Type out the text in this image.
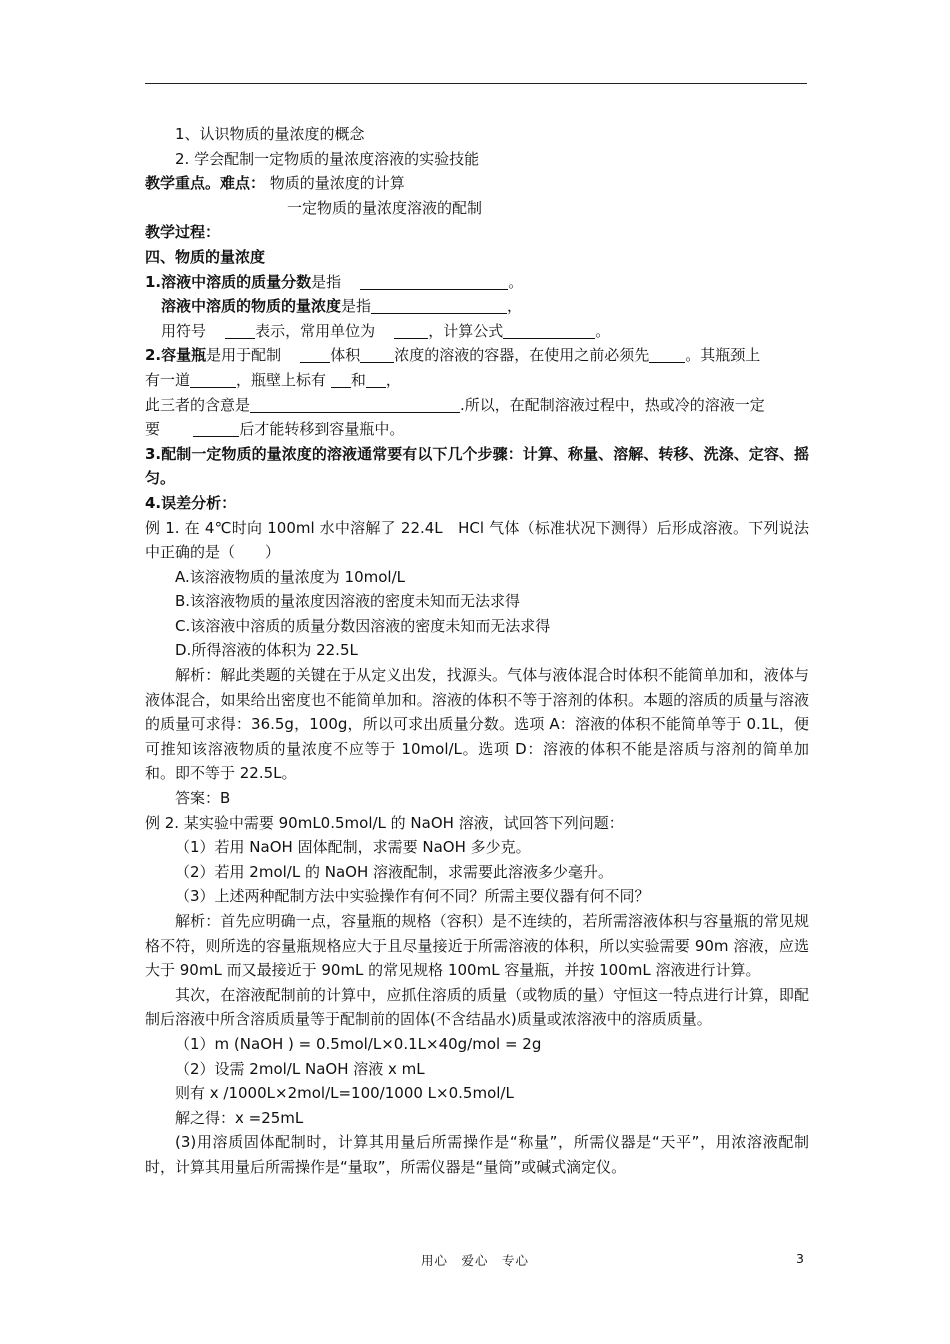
1、认识物质的量浓度的概念

2. 学会配制一定物质的量浓度溶液的实验技能

教学重点。难点： 物质的量浓度的计算

一定物质的量浓度溶液的配制

教学过程：

四、物质的量浓度

1.溶液中溶质的质量分数是指	。

溶液中溶质的物质的量浓度是指	，

用符号	表示，常用单位为	，计算公式	。

2.容量瓶是用于配制	体积 浓度的溶液的容器，在使用之前必须先 。其瓶颈上

有一道	，瓶壁上标有 和 ，

此三者的含意是	.所以，在配制溶液过程中，热或冷的溶液一定

要	后才能转移到容量瓶中。

3.配制一定物质的量浓度的溶液通常要有以下几个步骤：计算、称量、溶解、转移、洗涤、定容、摇匀。

4.误差分析：

例 1. 在 4℃时向 100ml 水中溶解了 22.4L　HCl 气体（标准状况下测得）后形成溶液。下列说法中正确的是（　　）

A.该溶液物质的量浓度为 10mol/L

B.该溶液物质的量浓度因溶液的密度未知而无法求得

C.该溶液中溶质的质量分数因溶液的密度未知而无法求得

D.所得溶液的体积为 22.5L

解析：解此类题的关键在于从定义出发，找源头。气体与液体混合时体积不能简单加和，液体与液体混合，如果给出密度也不能简单加和。溶液的体积不等于溶剂的体积。本题的溶质的质量与溶液的质量可求得：36.5g，100g，所以可求出质量分数。选项 A：溶液的体积不能简单等于 0.1L，便可推知该溶液物质的量浓度不应等于 10mol/L。选项 D：溶液的体积不能是溶质与溶剂的简单加和。即不等于 22.5L。

答案：B

例 2. 某实验中需要 90mL0.5mol/L 的 NaOH 溶液，试回答下列问题：

（1）若用 NaOH 固体配制，求需要 NaOH 多少克。

（2）若用 2mol/L 的 NaOH 溶液配制，求需要此溶液多少毫升。

（3）上述两种配制方法中实验操作有何不同？所需主要仪器有何不同？

解析：首先应明确一点，容量瓶的规格（容积）是不连续的，若所需溶液体积与容量瓶的常见规格不符，则所选的容量瓶规格应大于且尽量接近于所需溶液的体积，所以实验需要 90m 溶液，应选大于 90mL 而又最接近于 90mL 的常见规格 100mL 容量瓶，并按 100mL 溶液进行计算。

其次，在溶液配制前的计算中，应抓住溶质的质量（或物质的量）守恒这一特点进行计算，即配制后溶液中所含溶质质量等于配制前的固体(不含结晶水)质量或浓溶液中的溶质质量。

（1）m (NaOH ) = 0.5mol/L×0.1L×40g/mol = 2g

（2）设需 2mol/L NaOH 溶液 x mL

则有 x /1000L×2mol/L=100/1000 L×0.5mol/L

解之得：x =25mL

(3)用溶质固体配制时，计算其用量后所需操作是“称量”，所需仪器是“天平”，用浓溶液配制时，计算其用量后所需操作是“量取”，所需仪器是“量筒”或碱式滴定仪。

用心　爱心　专心	3
